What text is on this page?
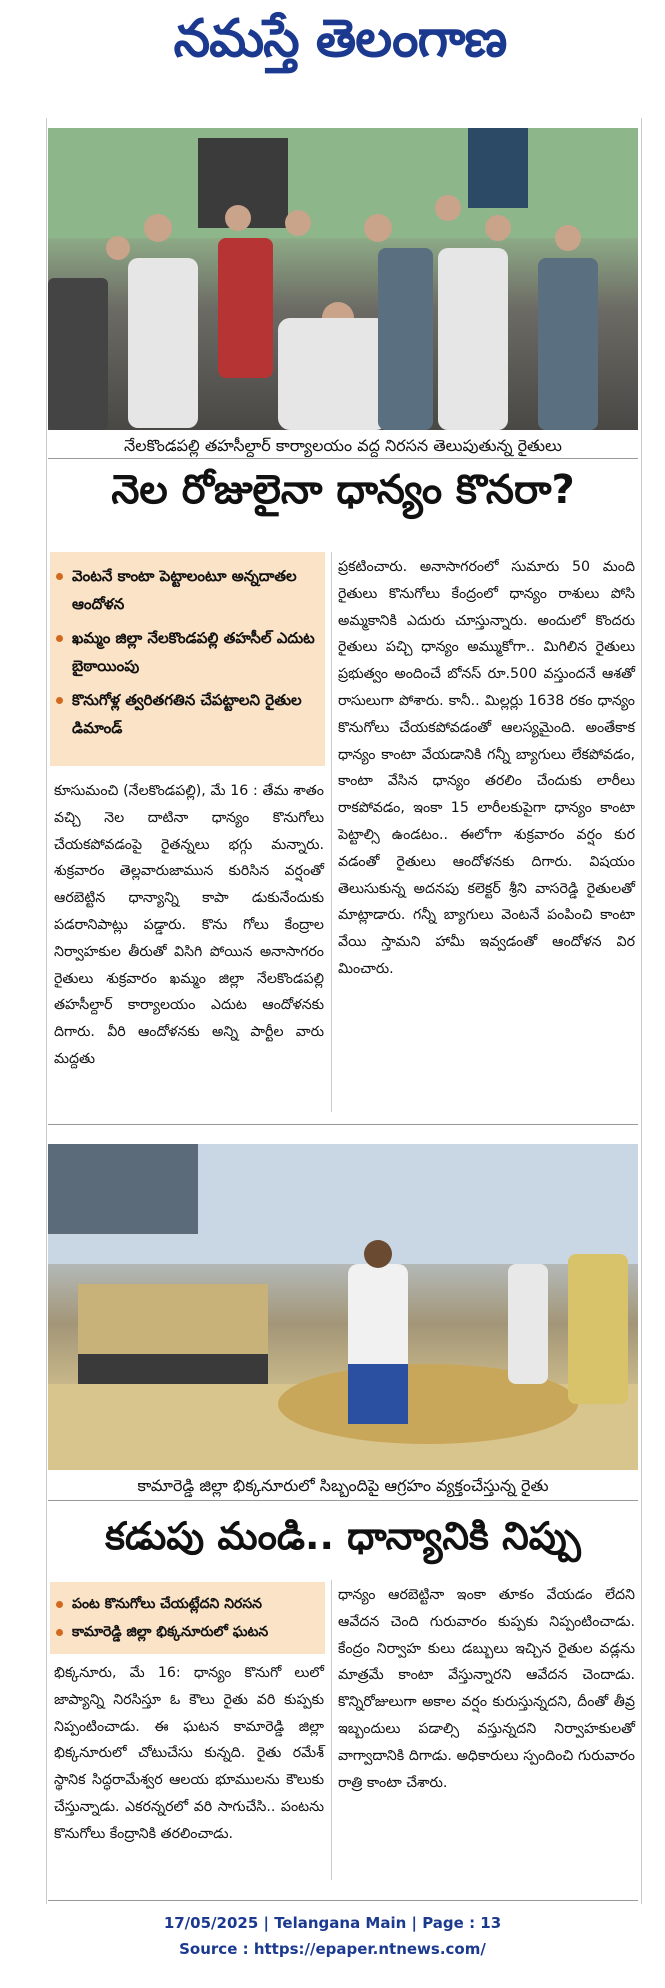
నమస్తే తెలంగాణ
నేలకొండపల్లి తహసీల్దార్ కార్యాలయం వద్ద నిరసన తెలుపుతున్న రైతులు
నెల రోజులైనా ధాన్యం కొనరా?
వెంటనే కాంటా పెట్టాలంటూ అన్నదాతల ఆందోళన
ఖమ్మం జిల్లా నేలకొండపల్లి తహసీల్ ఎదుట బైఠాయింపు
కొనుగోళ్ల త్వరితగతిన చేపట్టాలని రైతుల డిమాండ్

కూసుమంచి (నేలకొండపల్లి), మే 16 : తేమ శాతం వచ్చి నెల దాటినా ధాన్యం కొనుగోలు చేయకపోవడంపై రైతన్నలు భగ్గు మన్నారు. శుక్రవారం తెల్లవారుజామున కురిసిన వర్షంతో ఆరబెట్టిన ధాన్యాన్ని కాపా డుకునేందుకు పడరానిపాట్లు పడ్డారు. కొను గోలు కేంద్రాల నిర్వాహకుల తీరుతో విసిగి పోయిన అనాసాగరం రైతులు శుక్రవారం ఖమ్మం జిల్లా నేలకొండపల్లి తహసీల్దార్ కార్యాలయం ఎదుట ఆందోళనకు దిగారు. వీరి ఆందోళనకు అన్ని పార్టీల వారు మద్దతు

ప్రకటించారు. అనాసాగరంలో సుమారు 50 మంది రైతులు కొనుగోలు కేంద్రంలో ధాన్యం రాశులు పోసి అమ్మకానికి ఎదురు చూస్తున్నారు. అందులో కొందరు రైతులు పచ్చి ధాన్యం అమ్ముకోగా.. మిగిలిన రైతులు ప్రభుత్వం అందించే బోనస్ రూ.500 వస్తుందనే ఆశతో రాసులుగా పోశారు. కానీ.. మిల్లర్లు 1638 రకం ధాన్యం కొనుగోలు చేయకపోవడంతో ఆలస్యమైంది. అంతేకాక ధాన్యం కాంటా వేయడానికి గన్నీ బ్యాగులు లేకపోవడం, కాంటా వేసిన ధాన్యం తరలిం చేందుకు లారీలు రాకపోవడం, ఇంకా 15 లారీలకుపైగా ధాన్యం కాంటా పెట్టాల్సి ఉండటం.. ఈలోగా శుక్రవారం వర్షం కుర వడంతో రైతులు ఆందోళనకు దిగారు. విషయం తెలుసుకున్న అదనపు కలెక్టర్ శ్రీని వాసరెడ్డి రైతులతో మాట్లాడారు. గన్నీ బ్యాగులు వెంటనే పంపించి కాంటా వేయి స్తామని హామీ ఇవ్వడంతో ఆందోళన విర మించారు.

కామారెడ్డి జిల్లా భిక్కనూరులో సిబ్బందిపై ఆగ్రహం వ్యక్తంచేస్తున్న రైతు
కడుపు మండి.. ధాన్యానికి నిప్పు
పంట కొనుగోలు చేయట్లేదని నిరసన
కామారెడ్డి జిల్లా భిక్కనూరులో ఘటన

భిక్కనూరు, మే 16: ధాన్యం కొనుగో లులో జాప్యాన్ని నిరసిస్తూ ఓ కౌలు రైతు వరి కుప్పకు నిప్పంటించాడు. ఈ ఘటన కామారెడ్డి జిల్లా భిక్కనూరులో చోటుచేసు కున్నది. రైతు రమేశ్ స్థానిక సిద్ధరామేశ్వర ఆలయ భూములను కౌలుకు చేస్తున్నాడు. ఎకరన్నరలో వరి సాగుచేసి.. పంటను కొనుగోలు కేంద్రానికి తరలించాడు.

ధాన్యం ఆరబెట్టినా ఇంకా తూకం వేయడం లేదని ఆవేదన చెంది గురువారం కుప్పకు నిప్పంటించాడు. కేంద్రం నిర్వాహ కులు డబ్బులు ఇచ్చిన రైతుల వడ్లను మాత్రమే కాంటా వేస్తున్నారని ఆవేదన చెందాడు. కొన్నిరోజులుగా అకాల వర్షం కురుస్తున్నదని, దీంతో తీవ్ర ఇబ్బందులు పడాల్సి వస్తున్నదని నిర్వాహకులతో వాగ్వాదానికి దిగాడు. అధికారులు స్పందించి గురువారం రాత్రి కాంటా చేశారు.

17/05/2025 | Telangana Main | Page : 13
Source : https://epaper.ntnews.com/
